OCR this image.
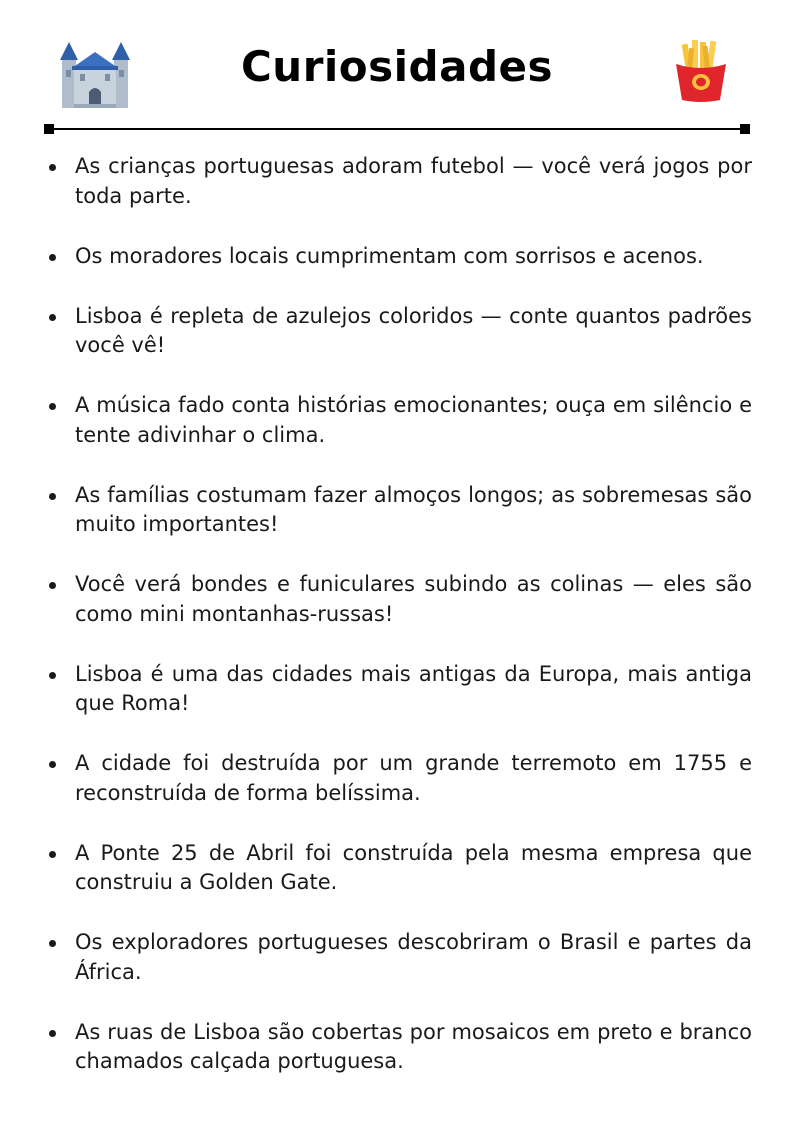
Curiosidades
As crianças portuguesas adoram futebol — você verá jogos por toda parte.
Os moradores locais cumprimentam com sorrisos e acenos.
Lisboa é repleta de azulejos coloridos — conte quantos padrões você vê!
A música fado conta histórias emocionantes; ouça em silêncio e tente adivinhar o clima.
As famílias costumam fazer almoços longos; as sobremesas são muito importantes!
Você verá bondes e funiculares subindo as colinas — eles são como mini montanhas-russas!
Lisboa é uma das cidades mais antigas da Europa, mais antiga que Roma!
A cidade foi destruída por um grande terremoto em 1755 e reconstruída de forma belíssima.
A Ponte 25 de Abril foi construída pela mesma empresa que construiu a Golden Gate.
Os exploradores portugueses descobriram o Brasil e partes da África.
As ruas de Lisboa são cobertas por mosaicos em preto e branco chamados calçada portuguesa.
